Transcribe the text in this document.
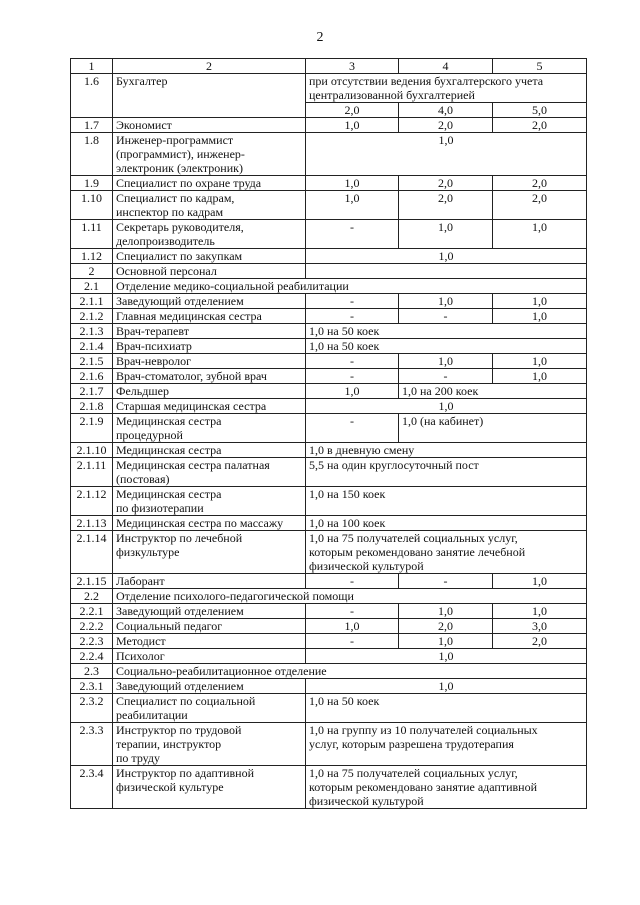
2
1	2	3	4	5
1.6	Бухгалтер	при отсутствии ведения бухгалтерского учета
централизованной бухгалтерией		
		2,0	4,0	5,0
1.7	Экономист	1,0	2,0	2,0
1.8	Инженер-программист
(программист), инженер-
электроник (электроник)	1,0		
1.9	Специалист по охране труда	1,0	2,0	2,0
1.10	Специалист по кадрам,
инспектор по кадрам	1,0	2,0	2,0
1.11	Секретарь руководителя,
делопроизводитель	-	1,0	1,0
1.12	Специалист по закупкам	1,0		
2	Основной персонал			
2.1	Отделение медико-социальной реабилитации			
2.1.1	Заведующий отделением	-	1,0	1,0
2.1.2	Главная медицинская сестра	-	-	1,0
2.1.3	Врач-терапевт	1,0 на 50 коек		
2.1.4	Врач-психиатр	1,0 на 50 коек		
2.1.5	Врач-невролог	-	1,0	1,0
2.1.6	Врач-стоматолог, зубной врач	-	-	1,0
2.1.7	Фельдшер	1,0	1,0 на 200 коек	
2.1.8	Старшая медицинская сестра	1,0		
2.1.9	Медицинская сестра
процедурной	-	1,0 (на кабинет)	
2.1.10	Медицинская сестра	1,0 в дневную смену		
2.1.11	Медицинская сестра палатная
(постовая)	5,5 на один круглосуточный пост		
2.1.12	Медицинская сестра
по физиотерапии	1,0 на 150 коек		
2.1.13	Медицинская сестра по массажу	1,0 на 100 коек		
2.1.14	Инструктор по лечебной
физкультуре	1,0 на 75 получателей социальных услуг,
которым рекомендовано занятие лечебной
физической культурой		
2.1.15	Лаборант	-	-	1,0
2.2	Отделение психолого-педагогической помощи			
2.2.1	Заведующий отделением	-	1,0	1,0
2.2.2	Социальный педагог	1,0	2,0	3,0
2.2.3	Методист	-	1,0	2,0
2.2.4	Психолог	1,0		
2.3	Социально-реабилитационное отделение			
2.3.1	Заведующий отделением	1,0		
2.3.2	Специалист по социальной
реабилитации	1,0 на 50 коек		
2.3.3	Инструктор по трудовой
терапии, инструктор
по труду	1,0 на группу из 10 получателей социальных
услуг, которым разрешена трудотерапия		
2.3.4	Инструктор по адаптивной
физической культуре	1,0 на 75 получателей социальных услуг,
которым рекомендовано занятие адаптивной
физической культурой		
